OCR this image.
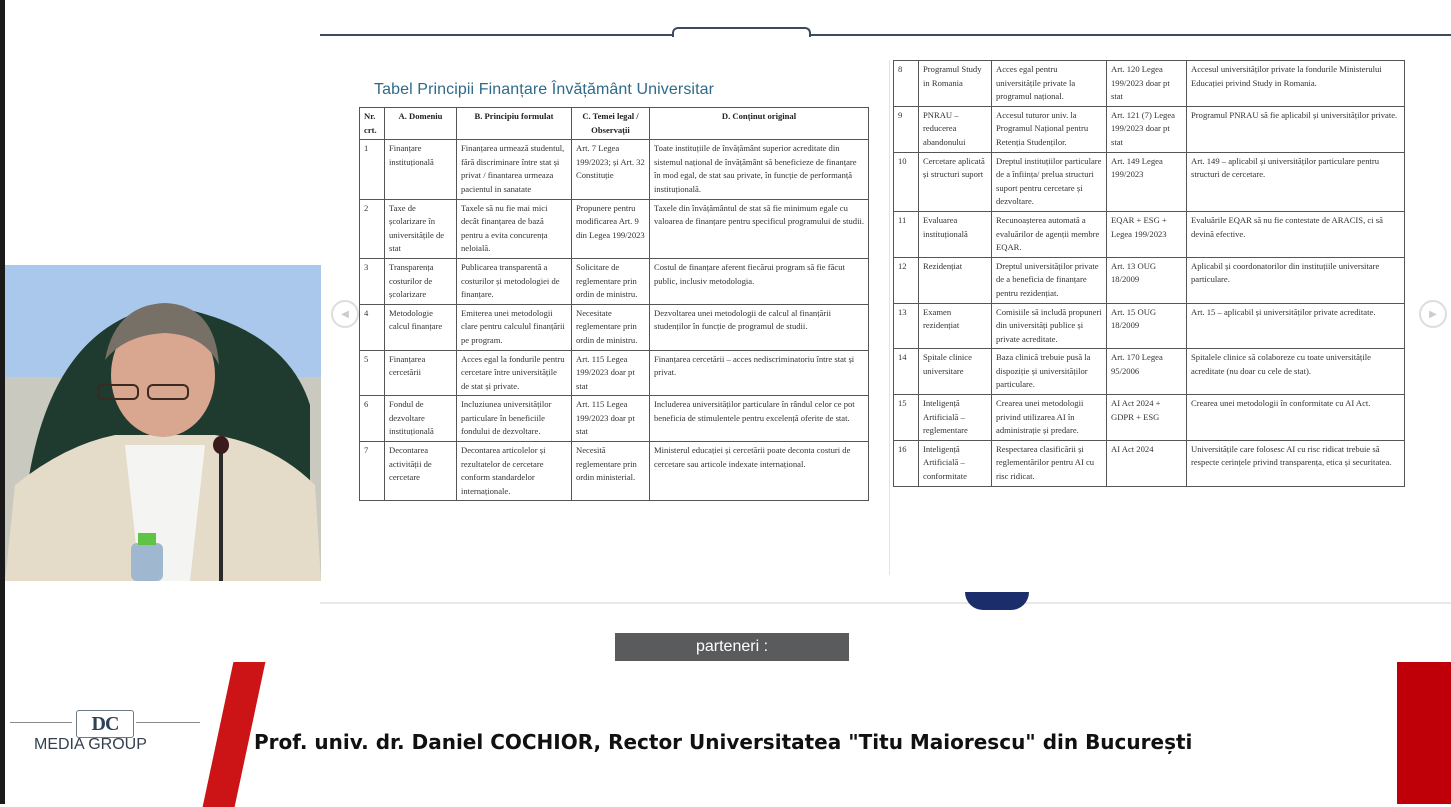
Tabel Principii Finanțare Învățământ Universitar
Nr. crt.	A. Domeniu	B. Principiu formulat	C. Temei legal / Observații	D. Conținut original
1	Finanțare instituțională	Finanțarea urmează studentul, fără discriminare între stat și privat / finantarea urmeaza pacientul in sanatate	Art. 7 Legea 199/2023; și Art. 32 Constituție	Toate instituțiile de învățământ superior acreditate din sistemul național de învățământ să beneficieze de finanțare în mod egal, de stat sau private, în funcție de performanță instituțională.
2	Taxe de școlarizare în universitățile de stat	Taxele să nu fie mai mici decât finanțarea de bază pentru a evita concurența neloială.	Propunere pentru modificarea Art. 9 din Legea 199/2023	Taxele din învățământul de stat să fie minimum egale cu valoarea de finanțare pentru specificul programului de studii.
3	Transparența costurilor de școlarizare	Publicarea transparentă a costurilor și metodologiei de finanțare.	Solicitare de reglementare prin ordin de ministru.	Costul de finanțare aferent fiecărui program să fie făcut public, inclusiv metodologia.
4	Metodologie calcul finanțare	Emiterea unei metodologii clare pentru calculul finanțării pe program.	Necesitate reglementare prin ordin de ministru.	Dezvoltarea unei metodologii de calcul al finanțării studenților în funcție de programul de studii.
5	Finanțarea cercetării	Acces egal la fondurile pentru cercetare între universitățile de stat și private.	Art. 115 Legea 199/2023 doar pt stat	Finanțarea cercetării – acces nediscriminatoriu între stat și privat.
6	Fondul de dezvoltare instituțională	Incluziunea universităților particulare în beneficiile fondului de dezvoltare.	Art. 115 Legea 199/2023 doar pt stat	Includerea universităților particulare în rândul celor ce pot beneficia de stimulentele pentru excelență oferite de stat.
7	Decontarea activității de cercetare	Decontarea articolelor și rezultatelor de cercetare conform standardelor internaționale.	Necesită reglementare prin ordin ministerial.	Ministerul educației și cercetării poate deconta costuri de cercetare sau articole indexate internațional.
8	Programul Study in Romania	Acces egal pentru universitățile private la programul național.	Art. 120 Legea 199/2023 doar pt stat	Accesul universităților private la fondurile Ministerului Educației privind Study in Romania.
9	PNRAU – reducerea abandonului	Accesul tuturor univ. la Programul Național pentru Retenția Studenților.	Art. 121 (7) Legea 199/2023 doar pt stat	Programul PNRAU să fie aplicabil și universităților private.
10	Cercetare aplicată și structuri suport	Dreptul instituțiilor particulare de a înființa/ prelua structuri suport pentru cercetare și dezvoltare.	Art. 149 Legea 199/2023	Art. 149 – aplicabil și universităților particulare pentru structuri de cercetare.
11	Evaluarea instituțională	Recunoașterea automată a evaluărilor de agenții membre EQAR.	EQAR + ESG + Legea 199/2023	Evaluările EQAR să nu fie contestate de ARACIS, ci să devină efective.
12	Rezidențiat	Dreptul universităților private de a beneficia de finanțare pentru rezidențiat.	Art. 13 OUG 18/2009	Aplicabil și coordonatorilor din instituțiile universitare particulare.
13	Examen rezidențiat	Comisiile să includă propuneri din universități publice și private acreditate.	Art. 15 OUG 18/2009	Art. 15 – aplicabil și universităților private acreditate.
14	Spitale clinice universitare	Baza clinică trebuie pusă la dispoziție și universităților particulare.	Art. 170 Legea 95/2006	Spitalele clinice să colaboreze cu toate universitățile acreditate (nu doar cu cele de stat).
15	Inteligență Artificială – reglementare	Crearea unei metodologii privind utilizarea AI în administrație și predare.	AI Act 2024 + GDPR + ESG	Crearea unei metodologii în conformitate cu AI Act.
16	Inteligență Artificială – conformitate	Respectarea clasificării și reglementărilor pentru AI cu risc ridicat.	AI Act 2024	Universitățile care folosesc AI cu risc ridicat trebuie să respecte cerințele privind transparența, etica și securitatea.
◀	▶
parteneri :
DC
MEDIA GROUP	Prof. univ. dr. Daniel COCHIOR, Rector Universitatea "Titu Maiorescu" din București
